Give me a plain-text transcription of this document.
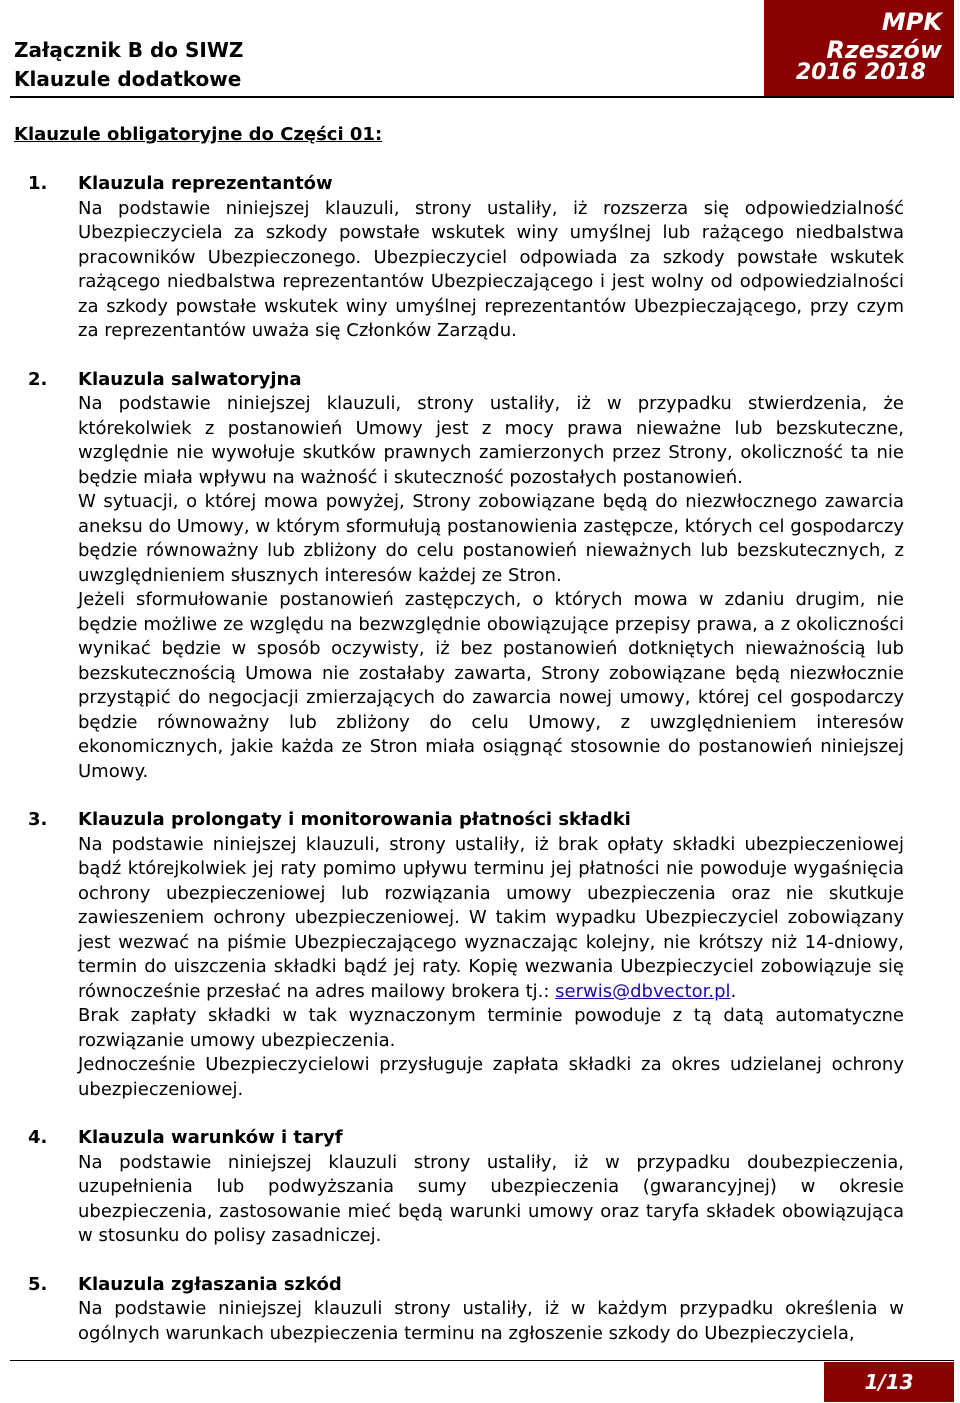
Załącznik B do SIWZ
Klauzule dodatkowe
MPK Rzeszów
2016 2018
Klauzule obligatoryjne do Części 01:
1.	Klauzula reprezentantów

Na podstawie niniejszej klauzuli, strony ustaliły, iż rozszerza się odpowiedzialność Ubezpieczyciela za szkody powstałe wskutek winy umyślnej lub rażącego niedbalstwa pracowników Ubezpieczonego. Ubezpieczyciel odpowiada za szkody powstałe wskutek rażącego niedbalstwa reprezentantów Ubezpieczającego i jest wolny od odpowiedzialności za szkody powstałe wskutek winy umyślnej reprezentantów Ubezpieczającego, przy czym za reprezentantów uważa się Członków Zarządu.

2.	Klauzula salwatoryjna

Na podstawie niniejszej klauzuli, strony ustaliły, iż w przypadku stwierdzenia, że którekolwiek z postanowień Umowy jest z mocy prawa nieważne lub bezskuteczne, względnie nie wywołuje skutków prawnych zamierzonych przez Strony, okoliczność ta nie będzie miała wpływu na ważność i skuteczność pozostałych postanowień.

W sytuacji, o której mowa powyżej, Strony zobowiązane będą do niezwłocznego zawarcia aneksu do Umowy, w którym sformułują postanowienia zastępcze, których cel gospodarczy będzie równoważny lub zbliżony do celu postanowień nieważnych lub bezskutecznych, z uwzględnieniem słusznych interesów każdej ze Stron.

Jeżeli sformułowanie postanowień zastępczych, o których mowa w zdaniu drugim, nie będzie możliwe ze względu na bezwzględnie obowiązujące przepisy prawa, a z okoliczności wynikać będzie w sposób oczywisty, iż bez postanowień dotkniętych nieważnością lub bezskutecznością Umowa nie zostałaby zawarta, Strony zobowiązane będą niezwłocznie przystąpić do negocjacji zmierzających do zawarcia nowej umowy, której cel gospodarczy będzie równoważny lub zbliżony do celu Umowy, z uwzględnieniem interesów ekonomicznych, jakie każda ze Stron miała osiągnąć stosownie do postanowień niniejszej Umowy.

3.	Klauzula prolongaty i monitorowania płatności składki

Na podstawie niniejszej klauzuli, strony ustaliły, iż brak opłaty składki ubezpieczeniowej bądź którejkolwiek jej raty pomimo upływu terminu jej płatności nie powoduje wygaśnięcia ochrony ubezpieczeniowej lub rozwiązania umowy ubezpieczenia oraz nie skutkuje zawieszeniem ochrony ubezpieczeniowej. W takim wypadku Ubezpieczyciel zobowiązany jest wezwać na piśmie Ubezpieczającego wyznaczając kolejny, nie krótszy niż 14-dniowy, termin do uiszczenia składki bądź jej raty. Kopię wezwania Ubezpieczyciel zobowiązuje się równocześnie przesłać na adres mailowy brokera tj.: serwis@dbvector.pl.

Brak zapłaty składki w tak wyznaczonym terminie powoduje z tą datą automatyczne rozwiązanie umowy ubezpieczenia.

Jednocześnie Ubezpieczycielowi przysługuje zapłata składki za okres udzielanej ochrony ubezpieczeniowej.

4.	Klauzula warunków i taryf

Na podstawie niniejszej klauzuli strony ustaliły, iż w przypadku doubezpieczenia, uzupełnienia lub podwyższania sumy ubezpieczenia (gwarancyjnej) w okresie ubezpieczenia, zastosowanie mieć będą warunki umowy oraz taryfa składek obowiązująca w stosunku do polisy zasadniczej.

5.	Klauzula zgłaszania szkód

Na podstawie niniejszej klauzuli strony ustaliły, iż w każdym przypadku określenia w ogólnych warunkach ubezpieczenia terminu na zgłoszenie szkody do Ubezpieczyciela,

1/13
